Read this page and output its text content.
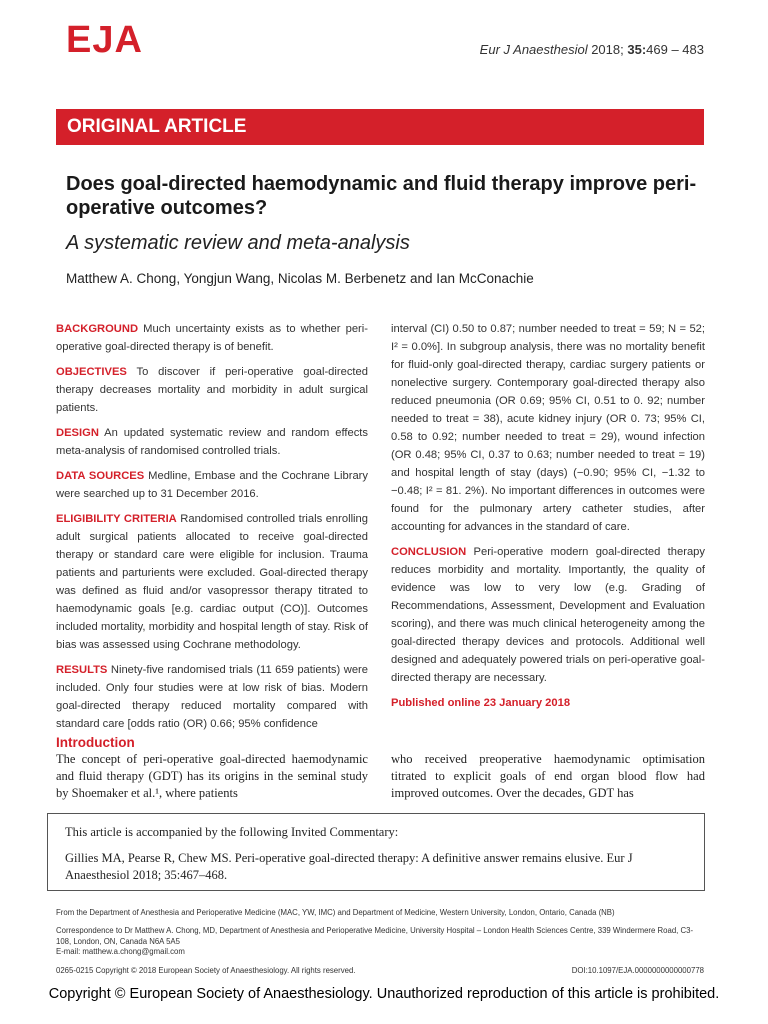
EJA	Eur J Anaesthesiol 2018; 35:469 – 483
ORIGINAL ARTICLE
Does goal-directed haemodynamic and fluid therapy improve peri-operative outcomes?
A systematic review and meta-analysis
Matthew A. Chong, Yongjun Wang, Nicolas M. Berbenetz and Ian McConachie

BACKGROUND Much uncertainty exists as to whether peri-operative goal-directed therapy is of benefit.

OBJECTIVES To discover if peri-operative goal-directed therapy decreases mortality and morbidity in adult surgical patients.

DESIGN An updated systematic review and random effects meta-analysis of randomised controlled trials.

DATA SOURCES Medline, Embase and the Cochrane Library were searched up to 31 December 2016.

ELIGIBILITY CRITERIA Randomised controlled trials enrolling adult surgical patients allocated to receive goal-directed therapy or standard care were eligible for inclusion. Trauma patients and parturients were excluded. Goal-directed therapy was defined as fluid and/or vasopressor therapy titrated to haemodynamic goals [e.g. cardiac output (CO)]. Outcomes included mortality, morbidity and hospital length of stay. Risk of bias was assessed using Cochrane methodology.

RESULTS Ninety-five randomised trials (11 659 patients) were included. Only four studies were at low risk of bias. Modern goal-directed therapy reduced mortality compared with standard care [odds ratio (OR) 0.66; 95% confidence

interval (CI) 0.50 to 0.87; number needed to treat = 59; N = 52; I² = 0.0%]. In subgroup analysis, there was no mortality benefit for fluid-only goal-directed therapy, cardiac surgery patients or nonelective surgery. Contemporary goal-directed therapy also reduced pneumonia (OR 0.69; 95% CI, 0.51 to 0. 92; number needed to treat = 38), acute kidney injury (OR 0. 73; 95% CI, 0.58 to 0.92; number needed to treat = 29), wound infection (OR 0.48; 95% CI, 0.37 to 0.63; number needed to treat = 19) and hospital length of stay (days) (−0.90; 95% CI, −1.32 to −0.48; I² = 81. 2%). No important differences in outcomes were found for the pulmonary artery catheter studies, after accounting for advances in the standard of care.

CONCLUSION Peri-operative modern goal-directed therapy reduces morbidity and mortality. Importantly, the quality of evidence was low to very low (e.g. Grading of Recommendations, Assessment, Development and Evaluation scoring), and there was much clinical heterogeneity among the goal-directed therapy devices and protocols. Additional well designed and adequately powered trials on peri-operative goal-directed therapy are necessary.

Published online 23 January 2018

Introduction
The concept of peri-operative goal-directed haemodynamic and fluid therapy (GDT) has its origins in the seminal study by Shoemaker et al.¹, where patients
who received preoperative haemodynamic optimisation titrated to explicit goals of end organ blood flow had improved outcomes. Over the decades, GDT has
This article is accompanied by the following Invited Commentary:
Gillies MA, Pearse R, Chew MS. Peri-operative goal-directed therapy: A definitive answer remains elusive. Eur J Anaesthesiol 2018; 35:467–468.
From the Department of Anesthesia and Perioperative Medicine (MAC, YW, IMC) and Department of Medicine, Western University, London, Ontario, Canada (NB)
Correspondence to Dr Matthew A. Chong, MD, Department of Anesthesia and Perioperative Medicine, University Hospital – London Health Sciences Centre, 339 Windermere Road, C3-108, London, ON, Canada N6A 5A5
E-mail: matthew.a.chong@gmail.com
0265-0215 Copyright © 2018 European Society of Anaesthesiology. All rights reserved.	DOI:10.1097/EJA.0000000000000778
Copyright © European Society of Anaesthesiology. Unauthorized reproduction of this article is prohibited.
